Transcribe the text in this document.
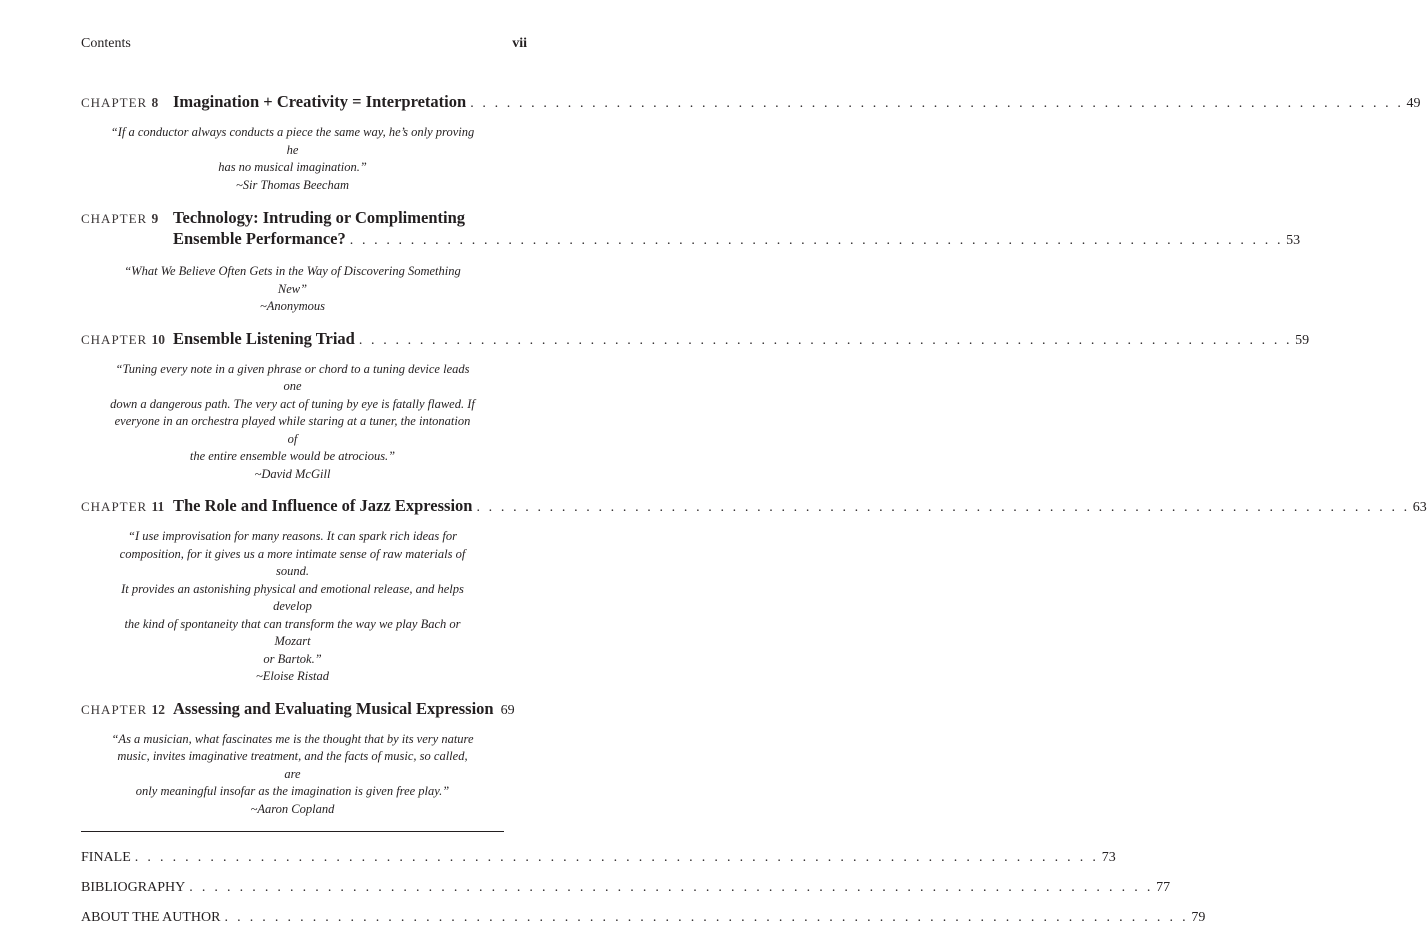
Contents	vii
CHAPTER 8 Imagination + Creativity = Interpretation . . . . . . . . . . . . . . . . . . . . . . . . . . . . . . . . . . . . . . . . . . . . . . . . . . . . . . . . . . . . . . . . . . . . . . . . . . . . . 49
“If a conductor always conducts a piece the same way, he’s only proving he
has no musical imagination.”
~Sir Thomas Beecham
CHAPTER 9 Technology: Intruding or Complimenting
Ensemble Performance? . . . . . . . . . . . . . . . . . . . . . . . . . . . . . . . . . . . . . . . . . . . . . . . . . . . . . . . . . . . . . . . . . . . . . . . . . . . . . 53
“What We Believe Often Gets in the Way of Discovering Something New”
~Anonymous
CHAPTER 10 Ensemble Listening Triad . . . . . . . . . . . . . . . . . . . . . . . . . . . . . . . . . . . . . . . . . . . . . . . . . . . . . . . . . . . . . . . . . . . . . . . . . . . . . 59
“Tuning every note in a given phrase or chord to a tuning device leads one
down a dangerous path. The very act of tuning by eye is fatally flawed. If
everyone in an orchestra played while staring at a tuner, the intonation of
the entire ensemble would be atrocious.”
~David McGill
CHAPTER 11 The Role and Influence of Jazz Expression . . . . . . . . . . . . . . . . . . . . . . . . . . . . . . . . . . . . . . . . . . . . . . . . . . . . . . . . . . . . . . . . . . . . . . . . . . . . . 63
“I use improvisation for many reasons. It can spark rich ideas for
composition, for it gives us a more intimate sense of raw materials of sound.
It provides an astonishing physical and emotional release, and helps develop
the kind of spontaneity that can transform the way we play Bach or Mozart
or Bartok.”
~Eloise Ristad
CHAPTER 12 Assessing and Evaluating Musical Expression 69
“As a musician, what fascinates me is the thought that by its very nature
music, invites imaginative treatment, and the facts of music, so called, are
only meaningful insofar as the imagination is given free play.”
~Aaron Copland
FINALE . . . . . . . . . . . . . . . . . . . . . . . . . . . . . . . . . . . . . . . . . . . . . . . . . . . . . . . . . . . . . . . . . . . . . . . . . . . . . 73
BIBLIOGRAPHY . . . . . . . . . . . . . . . . . . . . . . . . . . . . . . . . . . . . . . . . . . . . . . . . . . . . . . . . . . . . . . . . . . . . . . . . . . . . . 77
ABOUT THE AUTHOR . . . . . . . . . . . . . . . . . . . . . . . . . . . . . . . . . . . . . . . . . . . . . . . . . . . . . . . . . . . . . . . . . . . . . . . . . . . . . 79
